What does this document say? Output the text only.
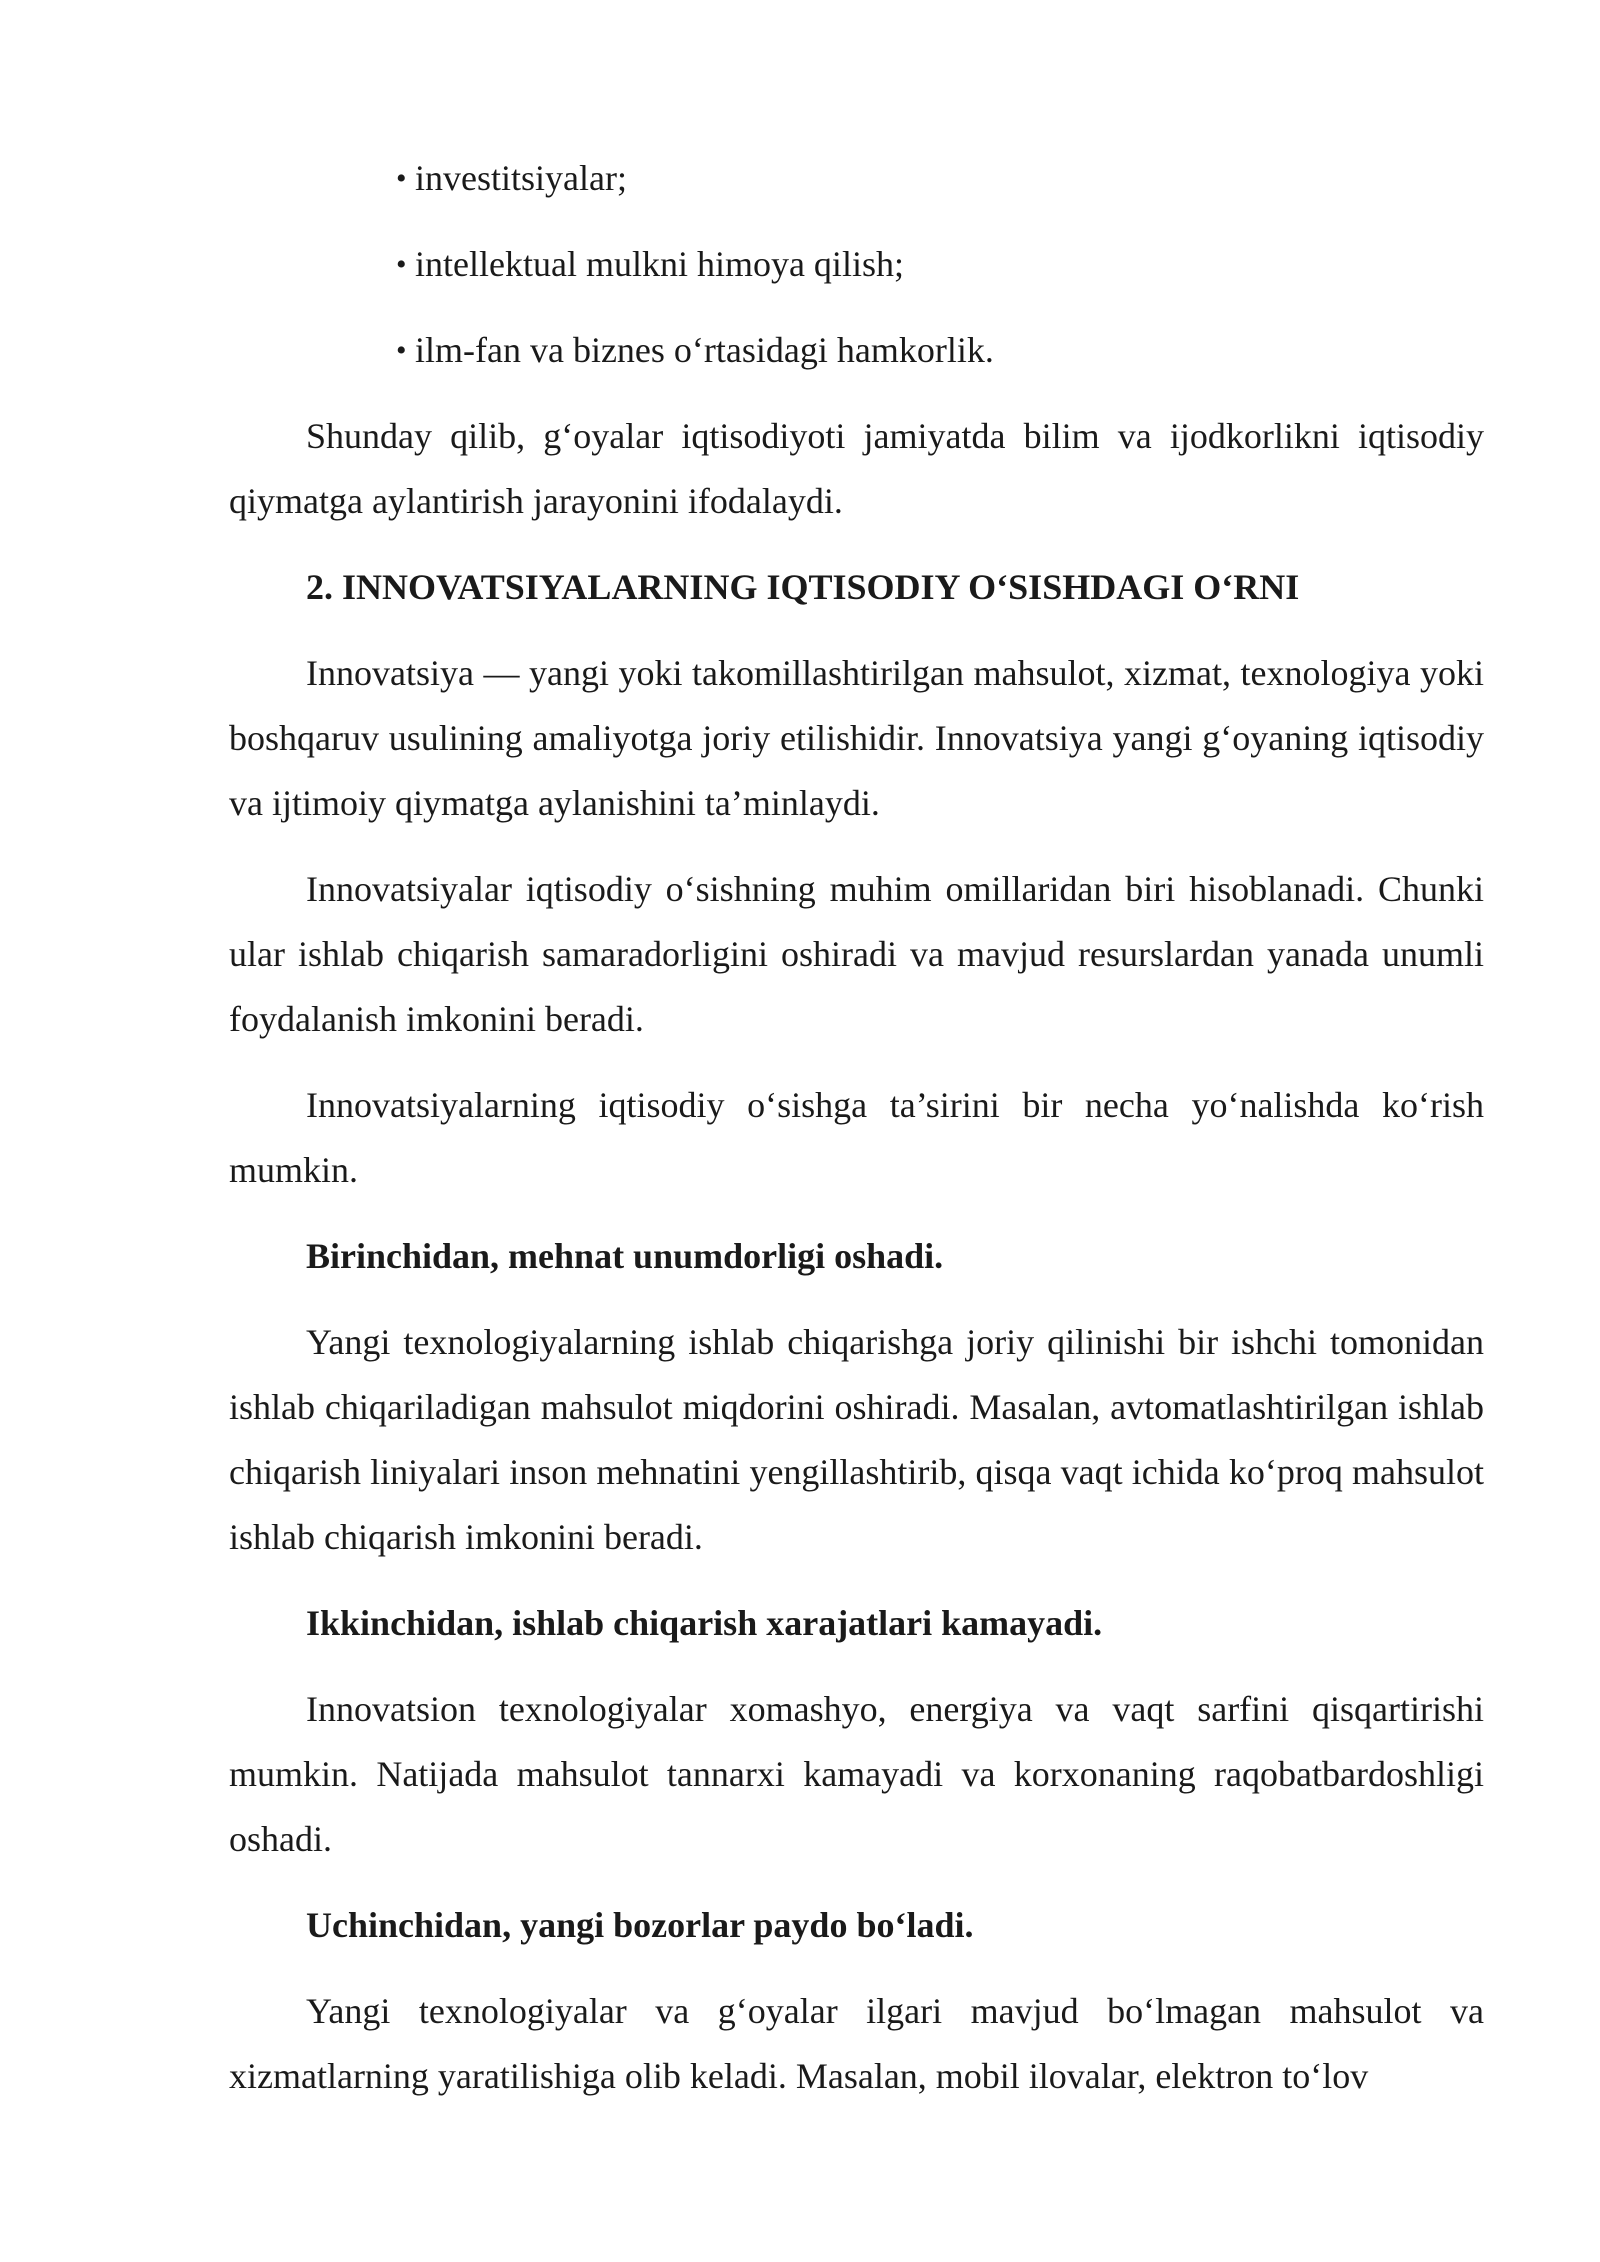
• investitsiyalar;
• intellektual mulkni himoya qilish;
• ilm-fan va biznes o‘rtasidagi hamkorlik.

Shunday qilib, g‘oyalar iqtisodiyoti jamiyatda bilim va ijodkorlikni iqtisodiy qiymatga aylantirish jarayonini ifodalaydi.

2. INNOVATSIYALARNING IQTISODIY O‘SISHDAGI O‘RNI

Innovatsiya — yangi yoki takomillashtirilgan mahsulot, xizmat, texnologiya yoki boshqaruv usulining amaliyotga joriy etilishidir. Innovatsiya yangi g‘oyaning iqtisodiy va ijtimoiy qiymatga aylanishini ta’minlaydi.

Innovatsiyalar iqtisodiy o‘sishning muhim omillaridan biri hisoblanadi. Chunki ular ishlab chiqarish samaradorligini oshiradi va mavjud resurslardan yanada unumli foydalanish imkonini beradi.

Innovatsiyalarning iqtisodiy o‘sishga ta’sirini bir necha yo‘nalishda ko‘rish mumkin.

Birinchidan, mehnat unumdorligi oshadi.

Yangi texnologiyalarning ishlab chiqarishga joriy qilinishi bir ishchi tomonidan ishlab chiqariladigan mahsulot miqdorini oshiradi. Masalan, avtomatlashtirilgan ishlab chiqarish liniyalari inson mehnatini yengillashtirib, qisqa vaqt ichida ko‘proq mahsulot ishlab chiqarish imkonini beradi.

Ikkinchidan, ishlab chiqarish xarajatlari kamayadi.

Innovatsion texnologiyalar xomashyo, energiya va vaqt sarfini qisqartirishi mumkin. Natijada mahsulot tannarxi kamayadi va korxonaning raqobatbardoshligi oshadi.

Uchinchidan, yangi bozorlar paydo bo‘ladi.

Yangi texnologiyalar va g‘oyalar ilgari mavjud bo‘lmagan mahsulot va xizmatlarning yaratilishiga olib keladi. Masalan, mobil ilovalar, elektron to‘lov
